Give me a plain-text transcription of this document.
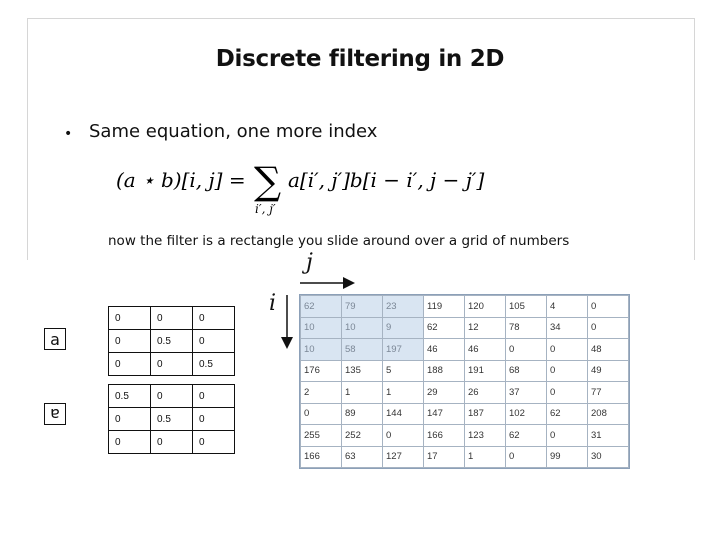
Discrete filtering in 2D
• Same equation, one more index
(a ⋆ b)[i, j] = ∑
i′, j′
a[i′, j′]b[i − i′, j − j′]
now the filter is a rectangle you slide around over a grid of numbers
j
i
a
a
0	0	0
0	0.5	0
0	0	0.5
0.5	0	0
0	0.5	0
0	0	0
62	79	23	119	120	105	4	0
10	10	9	62	12	78	34	0
10	58	197	46	46	0	0	48
176	135	5	188	191	68	0	49
2	1	1	29	26	37	0	77
0	89	144	147	187	102	62	208
255	252	0	166	123	62	0	31
166	63	127	17	1	0	99	30
